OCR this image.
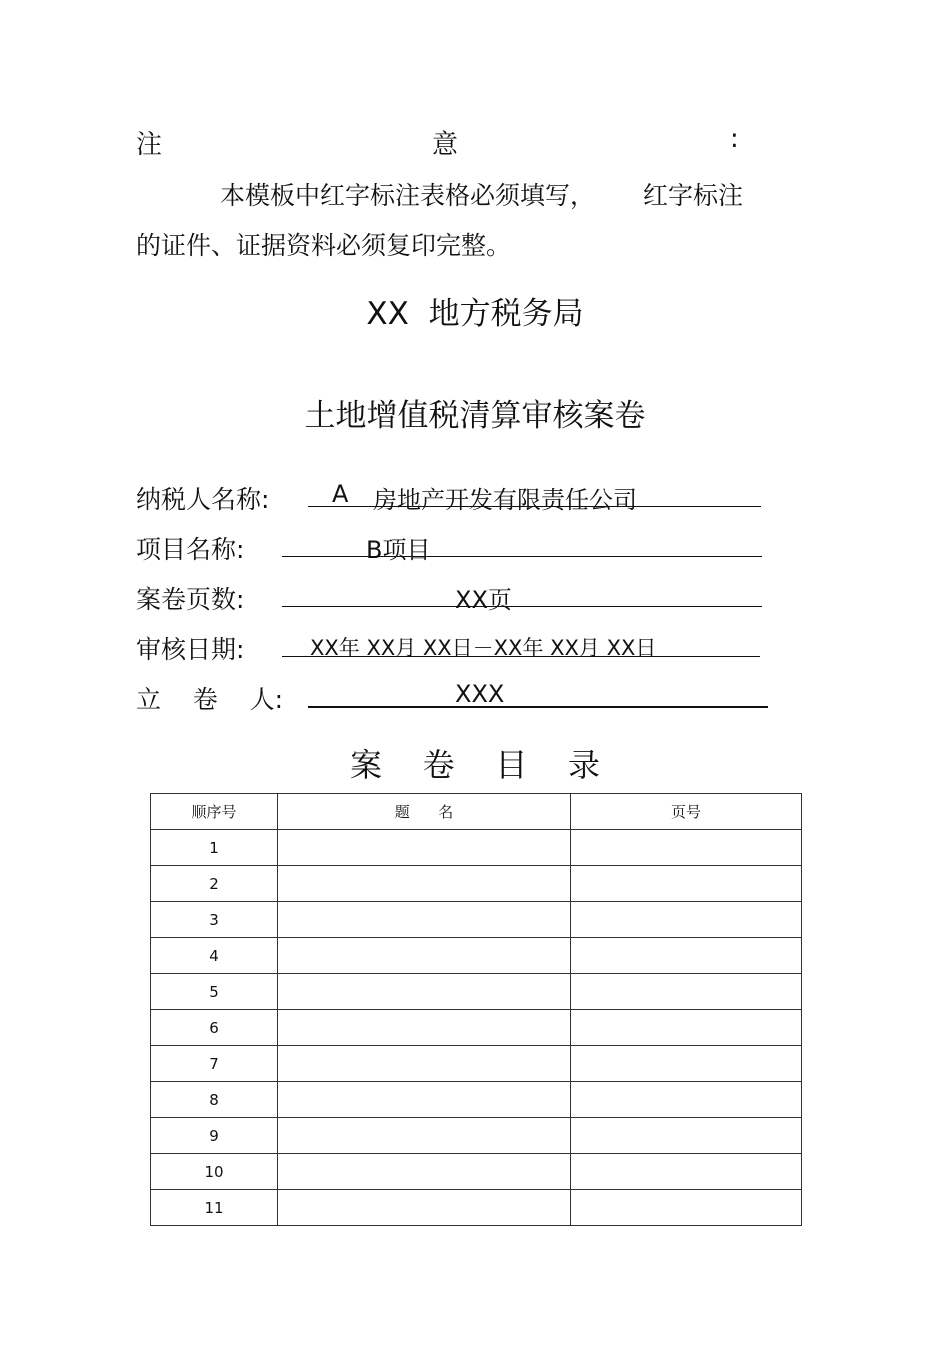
注	意	:
本模板中红字标注表格必须填写， 红字标注
的证件、证据资料必须复印完整。
XX  地方税务局
土地增值税清算审核案卷
纳税人名称:	A 房地产开发有限责任公司
项目名称:	B项目
案卷页数:	XX页
审核日期:	XX年 XX月 XX日－XX年 XX月 XX日
立    卷    人:	XXX
案    卷    目    录
顺序号	题      名	页号
1		
2		
3		
4		
5		
6		
7		
8		
9		
10		
11		
